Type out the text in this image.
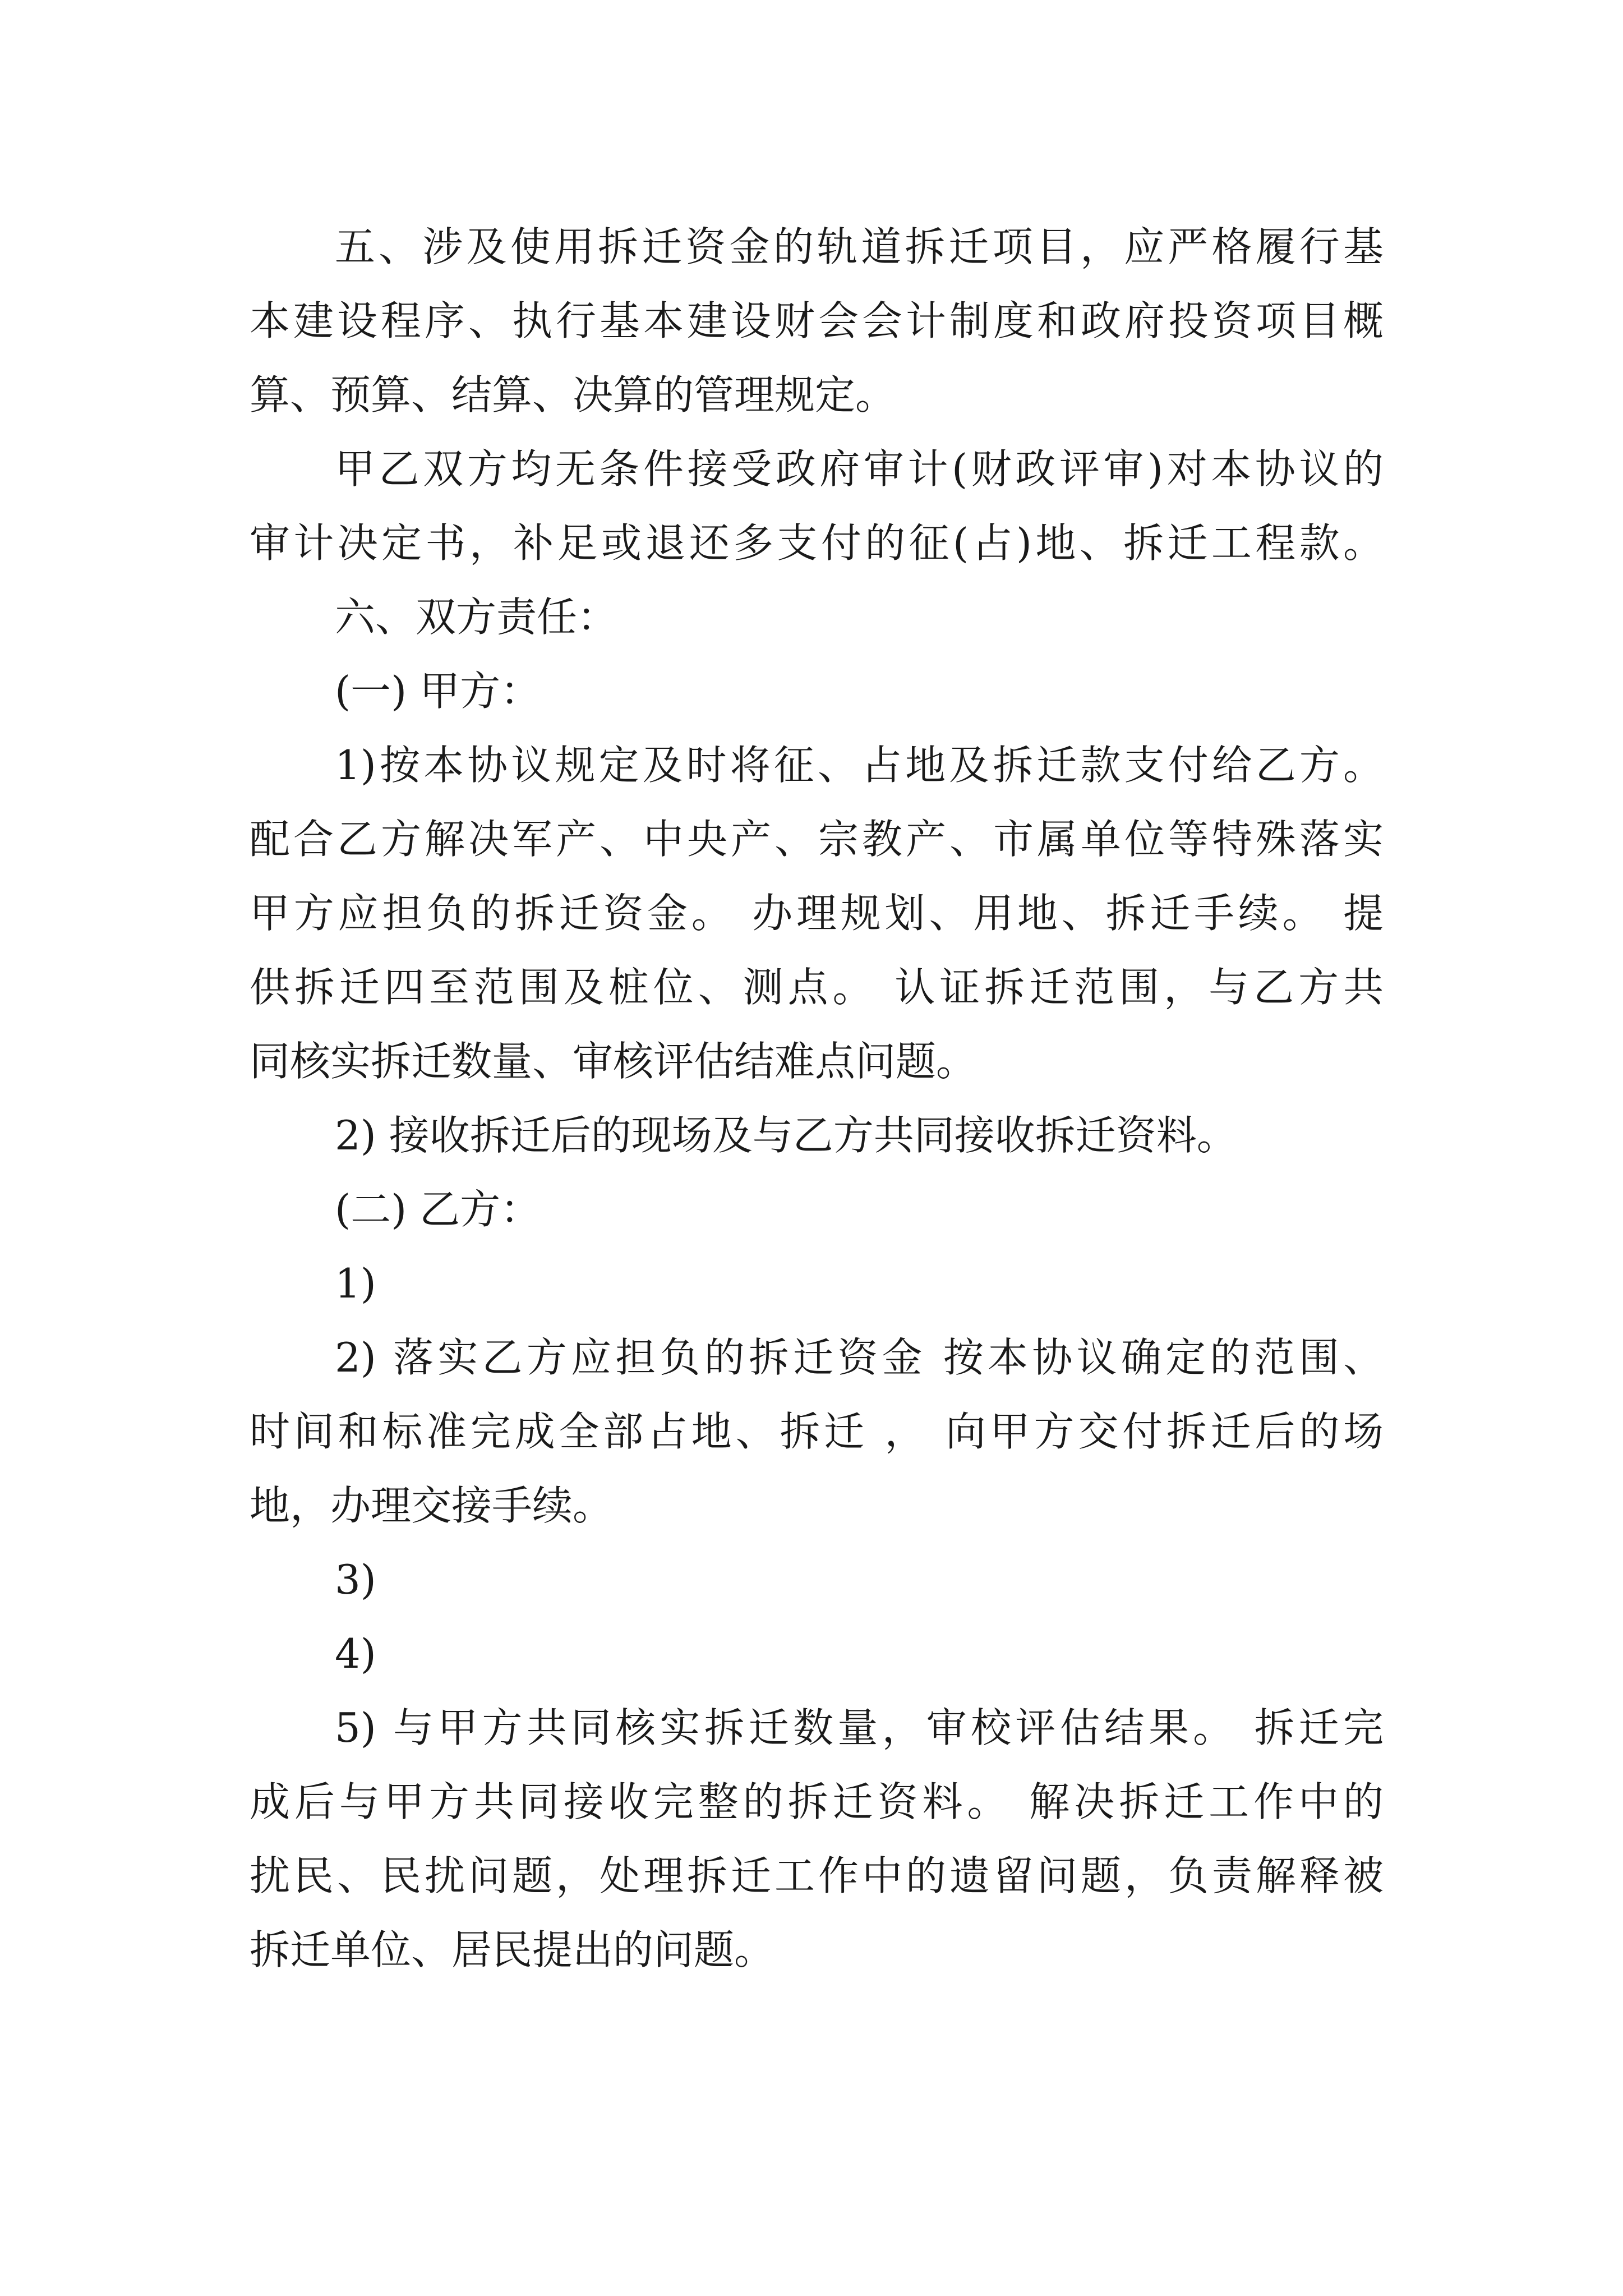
五、涉及使用拆迁资金的轨道拆迁项目，应严格履行基

本建设程序、执行基本建设财会会计制度和政府投资项目概

算、预算、结算、决算的管理规定。

甲乙双方均无条件接受政府审计(财政评审)对本协议的

审计决定书，补足或退还多支付的征(占)地、拆迁工程款。

六、双方责任：

(一) 甲方：

1)按本协议规定及时将征、占地及拆迁款支付给乙方。

配合乙方解决军产、中央产、宗教产、市属单位等特殊落实

甲方应担负的拆迁资金。 办理规划、用地、拆迁手续。 提

供拆迁四至范围及桩位、测点。 认证拆迁范围，与乙方共

同核实拆迁数量、审核评估结难点问题。

2) 接收拆迁后的现场及与乙方共同接收拆迁资料。

(二) 乙方：

1)

2) 落实乙方应担负的拆迁资金 按本协议确定的范围、

时间和标准完成全部占地、拆迁 ， 向甲方交付拆迁后的场

地，办理交接手续。

3)

4)

5) 与甲方共同核实拆迁数量，审校评估结果。 拆迁完

成后与甲方共同接收完整的拆迁资料。 解决拆迁工作中的

扰民、民扰问题，处理拆迁工作中的遗留问题，负责解释被

拆迁单位、居民提出的问题。
